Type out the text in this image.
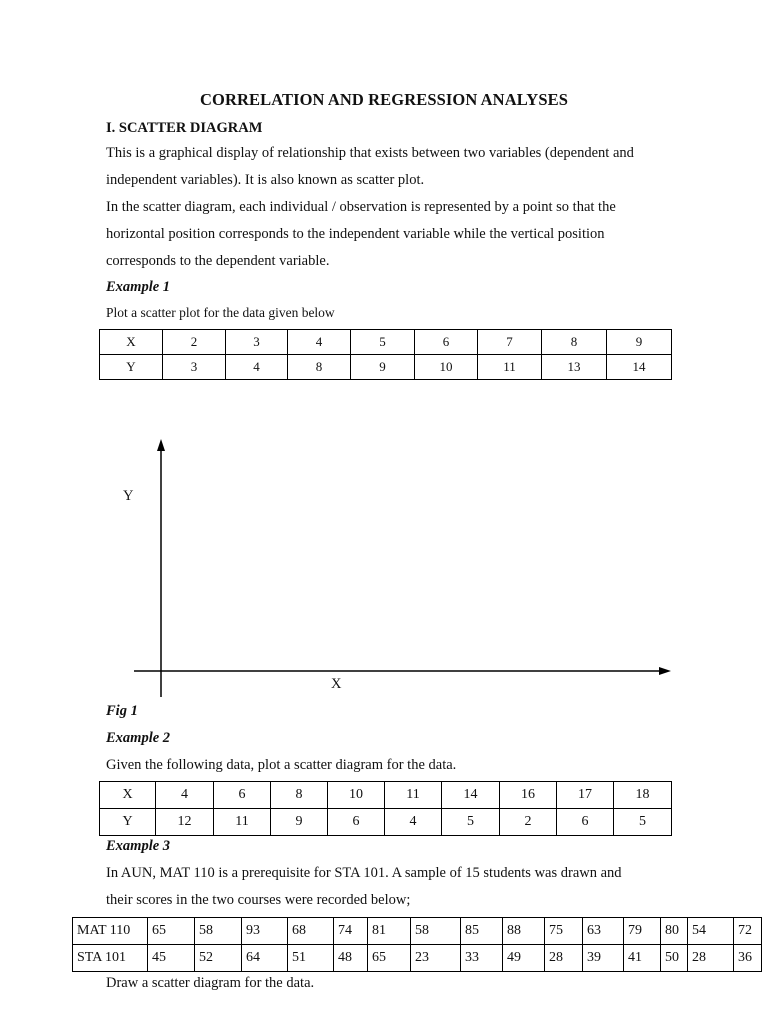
CORRELATION AND REGRESSION ANALYSES
I. SCATTER DIAGRAM
This is a graphical display of relationship that exists between two variables (dependent and
independent variables). It is also known as scatter plot.
In the scatter diagram, each individual / observation is represented by a point so that the
horizontal position corresponds to the independent variable while the vertical position
corresponds to the dependent variable.
Example 1
Plot a scatter plot for the data given below
X	2	3	4	5	6	7	8	9
Y	3	4	8	9	10	11	13	14
Y
X
Fig 1
Example 2
Given the following data, plot a scatter diagram for the data.
X	4	6	8	10	11	14	16	17	18
Y	12	11	9	6	4	5	2	6	5
Example 3
In AUN, MAT 110 is a prerequisite for STA 101. A sample of 15 students was drawn and
their scores in the two courses were recorded below;
MAT 110	65	58	93	68	74	81	58	85	88	75	63	79	80	54	72
STA 101	45	52	64	51	48	65	23	33	49	28	39	41	50	28	36
Draw a scatter diagram for the data.
